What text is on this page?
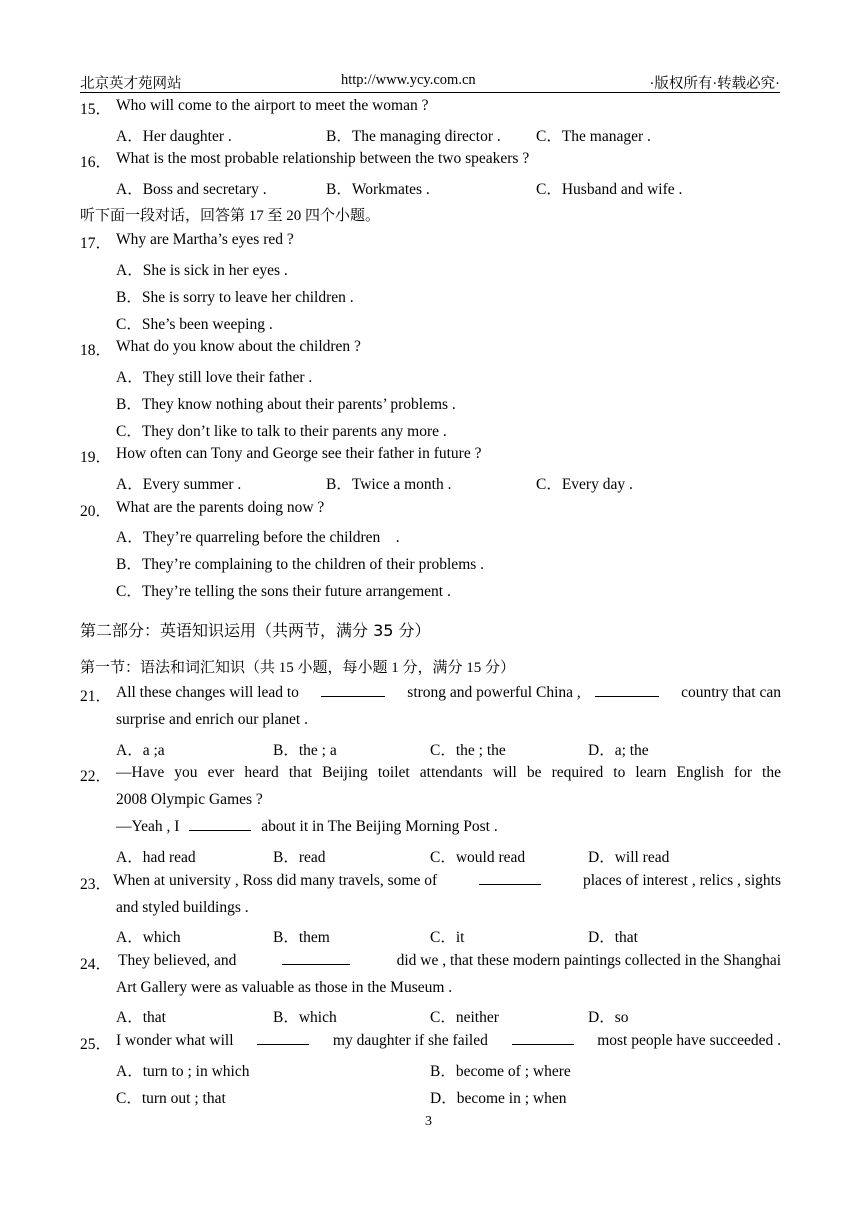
北京英才苑网站	http://www.ycy.com.cn	·版权所有·转载必究·
15． Who will come to the airport to meet the woman ?
A．Her daughter .	B．The managing director . C．The manager .
16． What is the most probable relationship between the two speakers ?
A．Boss and secretary .	B．Workmates .	C．Husband and wife .
听下面一段对话，回答第 17 至 20 四个小题。
17． Why are Martha’s eyes red ?
A．She is sick in her eyes .
B．She is sorry to leave her children .
C．She’s been weeping .
18． What do you know about the children ?
A．They still love their father .
B．They know nothing about their parents’ problems .
C．They don’t like to talk to their parents any more .
19． How often can Tony and George see their father in future ?
A．Every summer .	B．Twice a month .	C．Every day .
20． What are the parents doing now ?
A．They’re quarreling before the children    .
B．They’re complaining to the children of their problems .
C．They’re telling the sons their future arrangement .
第二部分：英语知识运用（共两节，满分 35 分）
第一节：语法和词汇知识（共 15 小题，每小题 1 分，满分 15 分）
21． All these changes will lead to	strong and powerful China ,	country that can
surprise and enrich our planet .
A．a ;a	B．the ; a	C．the ; the	D．a; the
22． —Have you ever heard that Beijing toilet attendants will be required to learn English for the
2008 Olympic Games ?
—Yeah , I	about it in The Beijing Morning Post .
A．had read	B．read	C．would read	D．will read
23． When at university , Ross did many travels, some of	places of interest , relics , sights
and styled buildings .
A．which	B．them	C．it	D．that
24． They believed, and	did we , that these modern paintings collected in the Shanghai
Art Gallery were as valuable as those in the Museum .
A．that	B．which	C．neither	D．so
25． I wonder what will	my daughter if she failed	most people have succeeded .
A．turn to ; in which	B．become of ; where
C．turn out ; that	D．become in ; when
3
